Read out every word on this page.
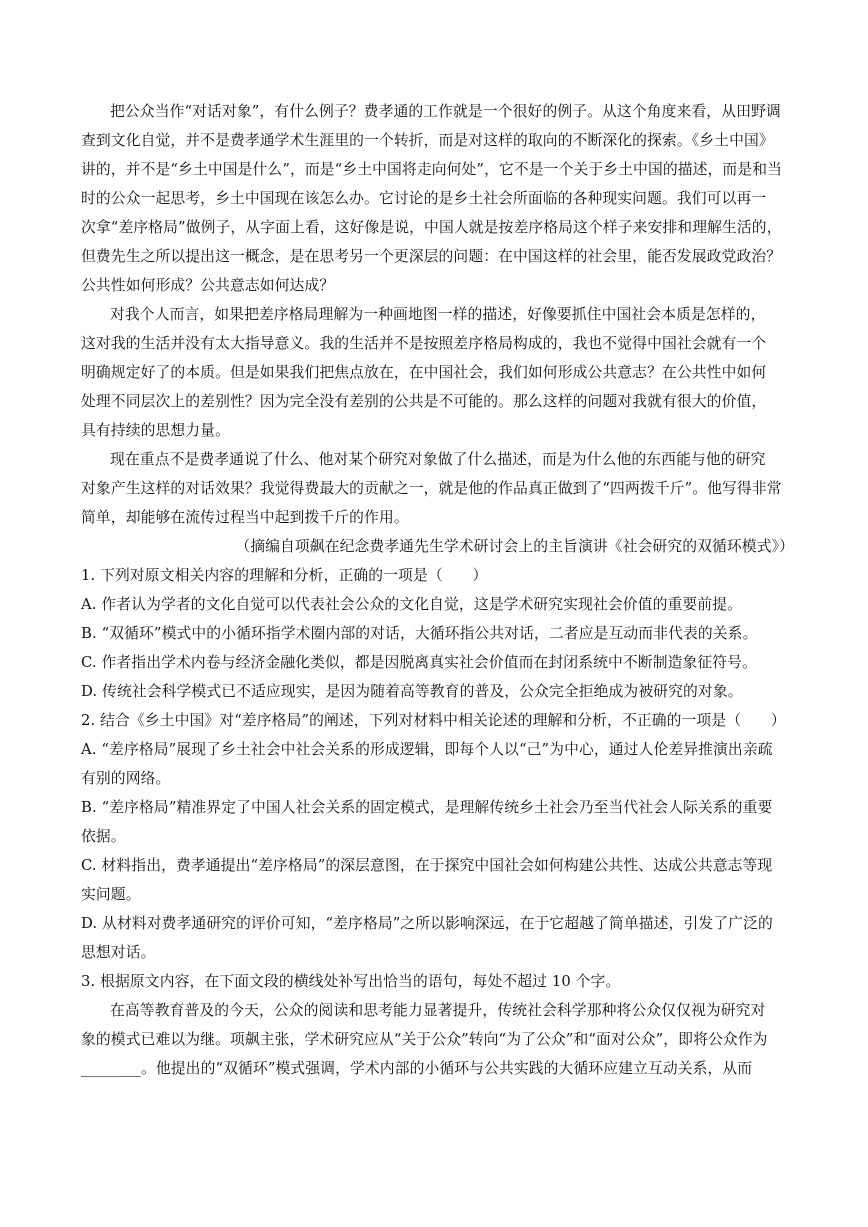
把公众当作“对话对象”，有什么例子？费孝通的工作就是一个很好的例子。从这个角度来看，从田野调
查到文化自觉，并不是费孝通学术生涯里的一个转折，而是对这样的取向的不断深化的探索。《乡土中国》
讲的，并不是“乡土中国是什么”，而是“乡土中国将走向何处”，它不是一个关于乡土中国的描述，而是和当
时的公众一起思考，乡土中国现在该怎么办。它讨论的是乡土社会所面临的各种现实问题。我们可以再一
次拿“差序格局”做例子，从字面上看，这好像是说，中国人就是按差序格局这个样子来安排和理解生活的，
但费先生之所以提出这一概念，是在思考另一个更深层的问题：在中国这样的社会里，能否发展政党政治？
公共性如何形成？公共意志如何达成？
对我个人而言，如果把差序格局理解为一种画地图一样的描述，好像要抓住中国社会本质是怎样的，
这对我的生活并没有太大指导意义。我的生活并不是按照差序格局构成的，我也不觉得中国社会就有一个
明确规定好了的本质。但是如果我们把焦点放在，在中国社会，我们如何形成公共意志？在公共性中如何
处理不同层次上的差别性？因为完全没有差别的公共是不可能的。那么这样的问题对我就有很大的价值，
具有持续的思想力量。
现在重点不是费孝通说了什么、他对某个研究对象做了什么描述，而是为什么他的东西能与他的研究
对象产生这样的对话效果？我觉得费最大的贡献之一，就是他的作品真正做到了“四两拨千斤”。他写得非常
简单，却能够在流传过程当中起到拨千斤的作用。
（摘编自项飙在纪念费孝通先生学术研讨会上的主旨演讲《社会研究的双循环模式》）
1. 下列对原文相关内容的理解和分析，正确的一项是（　　）
A. 作者认为学者的文化自觉可以代表社会公众的文化自觉，这是学术研究实现社会价值的重要前提。
B. “双循环”模式中的小循环指学术圈内部的对话，大循环指公共对话，二者应是互动而非代表的关系。
C. 作者指出学术内卷与经济金融化类似，都是因脱离真实社会价值而在封闭系统中不断制造象征符号。
D. 传统社会科学模式已不适应现实，是因为随着高等教育的普及，公众完全拒绝成为被研究的对象。
2. 结合《乡土中国》对“差序格局”的阐述，下列对材料中相关论述的理解和分析，不正确的一项是（　　）
A. “差序格局”展现了乡土社会中社会关系的形成逻辑，即每个人以“己”为中心，通过人伦差异推演出亲疏
有别的网络。
B. “差序格局”精准界定了中国人社会关系的固定模式，是理解传统乡土社会乃至当代社会人际关系的重要
依据。
C. 材料指出，费孝通提出“差序格局”的深层意图，在于探究中国社会如何构建公共性、达成公共意志等现
实问题。
D. 从材料对费孝通研究的评价可知，“差序格局”之所以影响深远，在于它超越了简单描述，引发了广泛的
思想对话。
3. 根据原文内容，在下面文段的横线处补写出恰当的语句，每处不超过 10 个字。
在高等教育普及的今天，公众的阅读和思考能力显著提升，传统社会科学那种将公众仅仅视为研究对
象的模式已难以为继。项飙主张，学术研究应从“关于公众”转向“为了公众”和“面对公众”，即将公众作为
________。他提出的“双循环”模式强调，学术内部的小循环与公共实践的大循环应建立互动关系，从而
